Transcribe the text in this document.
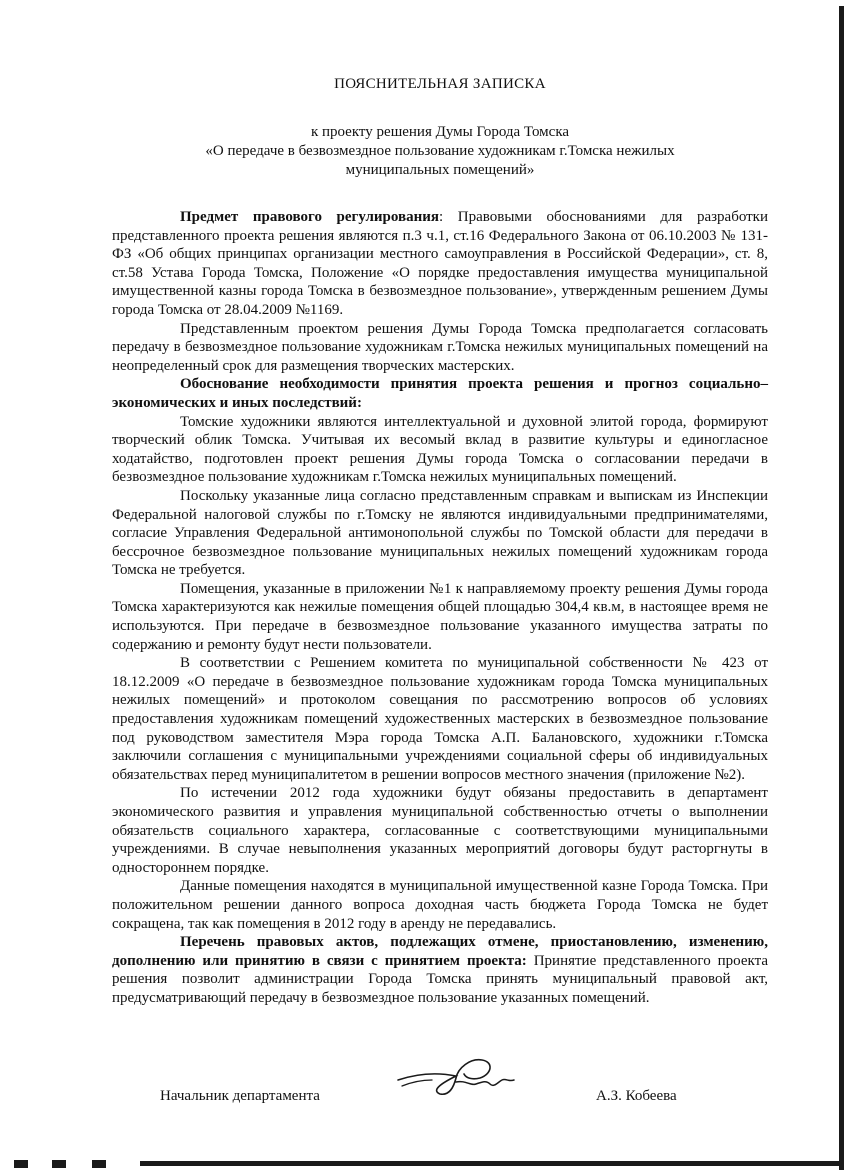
ПОЯСНИТЕЛЬНАЯ ЗАПИСКА
к проекту решения Думы Города Томска
«О передаче в безвозмездное пользование художникам г.Томска нежилых
муниципальных помещений»

Предмет правового регулирования: Правовыми обоснованиями для разработки представленного проекта решения являются п.3 ч.1, ст.16 Федерального Закона от 06.10.2003 № 131-ФЗ «Об общих принципах организации местного самоуправления в Российской Федерации», ст. 8, ст.58 Устава Города Томска, Положение «О порядке предоставления имущества муниципальной имущественной казны города Томска в безвозмездное пользование», утвержденным решением Думы города Томска от 28.04.2009 №1169.

Представленным проектом решения Думы Города Томска предполагается согласовать передачу в безвозмездное пользование художникам г.Томска нежилых муниципальных помещений на неопределенный срок для размещения творческих мастерских.

Обоснование необходимости принятия проекта решения и прогноз социально–экономических и иных последствий:

Томские художники являются интеллектуальной и духовной элитой города, формируют творческий облик Томска. Учитывая их весомый вклад в развитие культуры и единогласное ходатайство, подготовлен проект решения Думы города Томска о согласовании передачи в безвозмездное пользование художникам г.Томска нежилых муниципальных помещений.

Поскольку указанные лица согласно представленным справкам и выпискам из Инспекции Федеральной налоговой службы по г.Томску не являются индивидуальными предпринимателями, согласие Управления Федеральной антимонопольной службы по Томской области для передачи в бессрочное безвозмездное пользование муниципальных нежилых помещений художникам города Томска не требуется.

Помещения, указанные в приложении №1 к направляемому проекту решения Думы города Томска характеризуются как нежилые помещения общей площадью 304,4 кв.м, в настоящее время не используются. При передаче в безвозмездное пользование указанного имущества затраты по содержанию и ремонту будут нести пользователи.

В соответствии с Решением комитета по муниципальной собственности № 423 от 18.12.2009 «О передаче в безвозмездное пользование художникам города Томска муниципальных нежилых помещений» и протоколом совещания по рассмотрению вопросов об условиях предоставления художникам помещений художественных мастерских в безвозмездное пользование под руководством заместителя Мэра города Томска А.П. Балановского, художники г.Томска заключили соглашения с муниципальными учреждениями социальной сферы об индивидуальных обязательствах перед муниципалитетом в решении вопросов местного значения (приложение №2).

По истечении 2012 года художники будут обязаны предоставить в департамент экономического развития и управления муниципальной собственностью отчеты о выполнении обязательств социального характера, согласованные с соответствующими муниципальными учреждениями. В случае невыполнения указанных мероприятий договоры будут расторгнуты в одностороннем порядке.

Данные помещения находятся в муниципальной имущественной казне Города Томска. При положительном решении данного вопроса доходная часть бюджета Города Томска не будет сокращена, так как помещения в 2012 году в аренду не передавались.

Перечень правовых актов, подлежащих отмене, приостановлению, изменению, дополнению или принятию в связи с принятием проекта: Принятие представленного проекта решения позволит администрации Города Томска принять муниципальный правовой акт, предусматривающий передачу в безвозмездное пользование указанных помещений.

Начальник департамента	А.З. Кобеева
